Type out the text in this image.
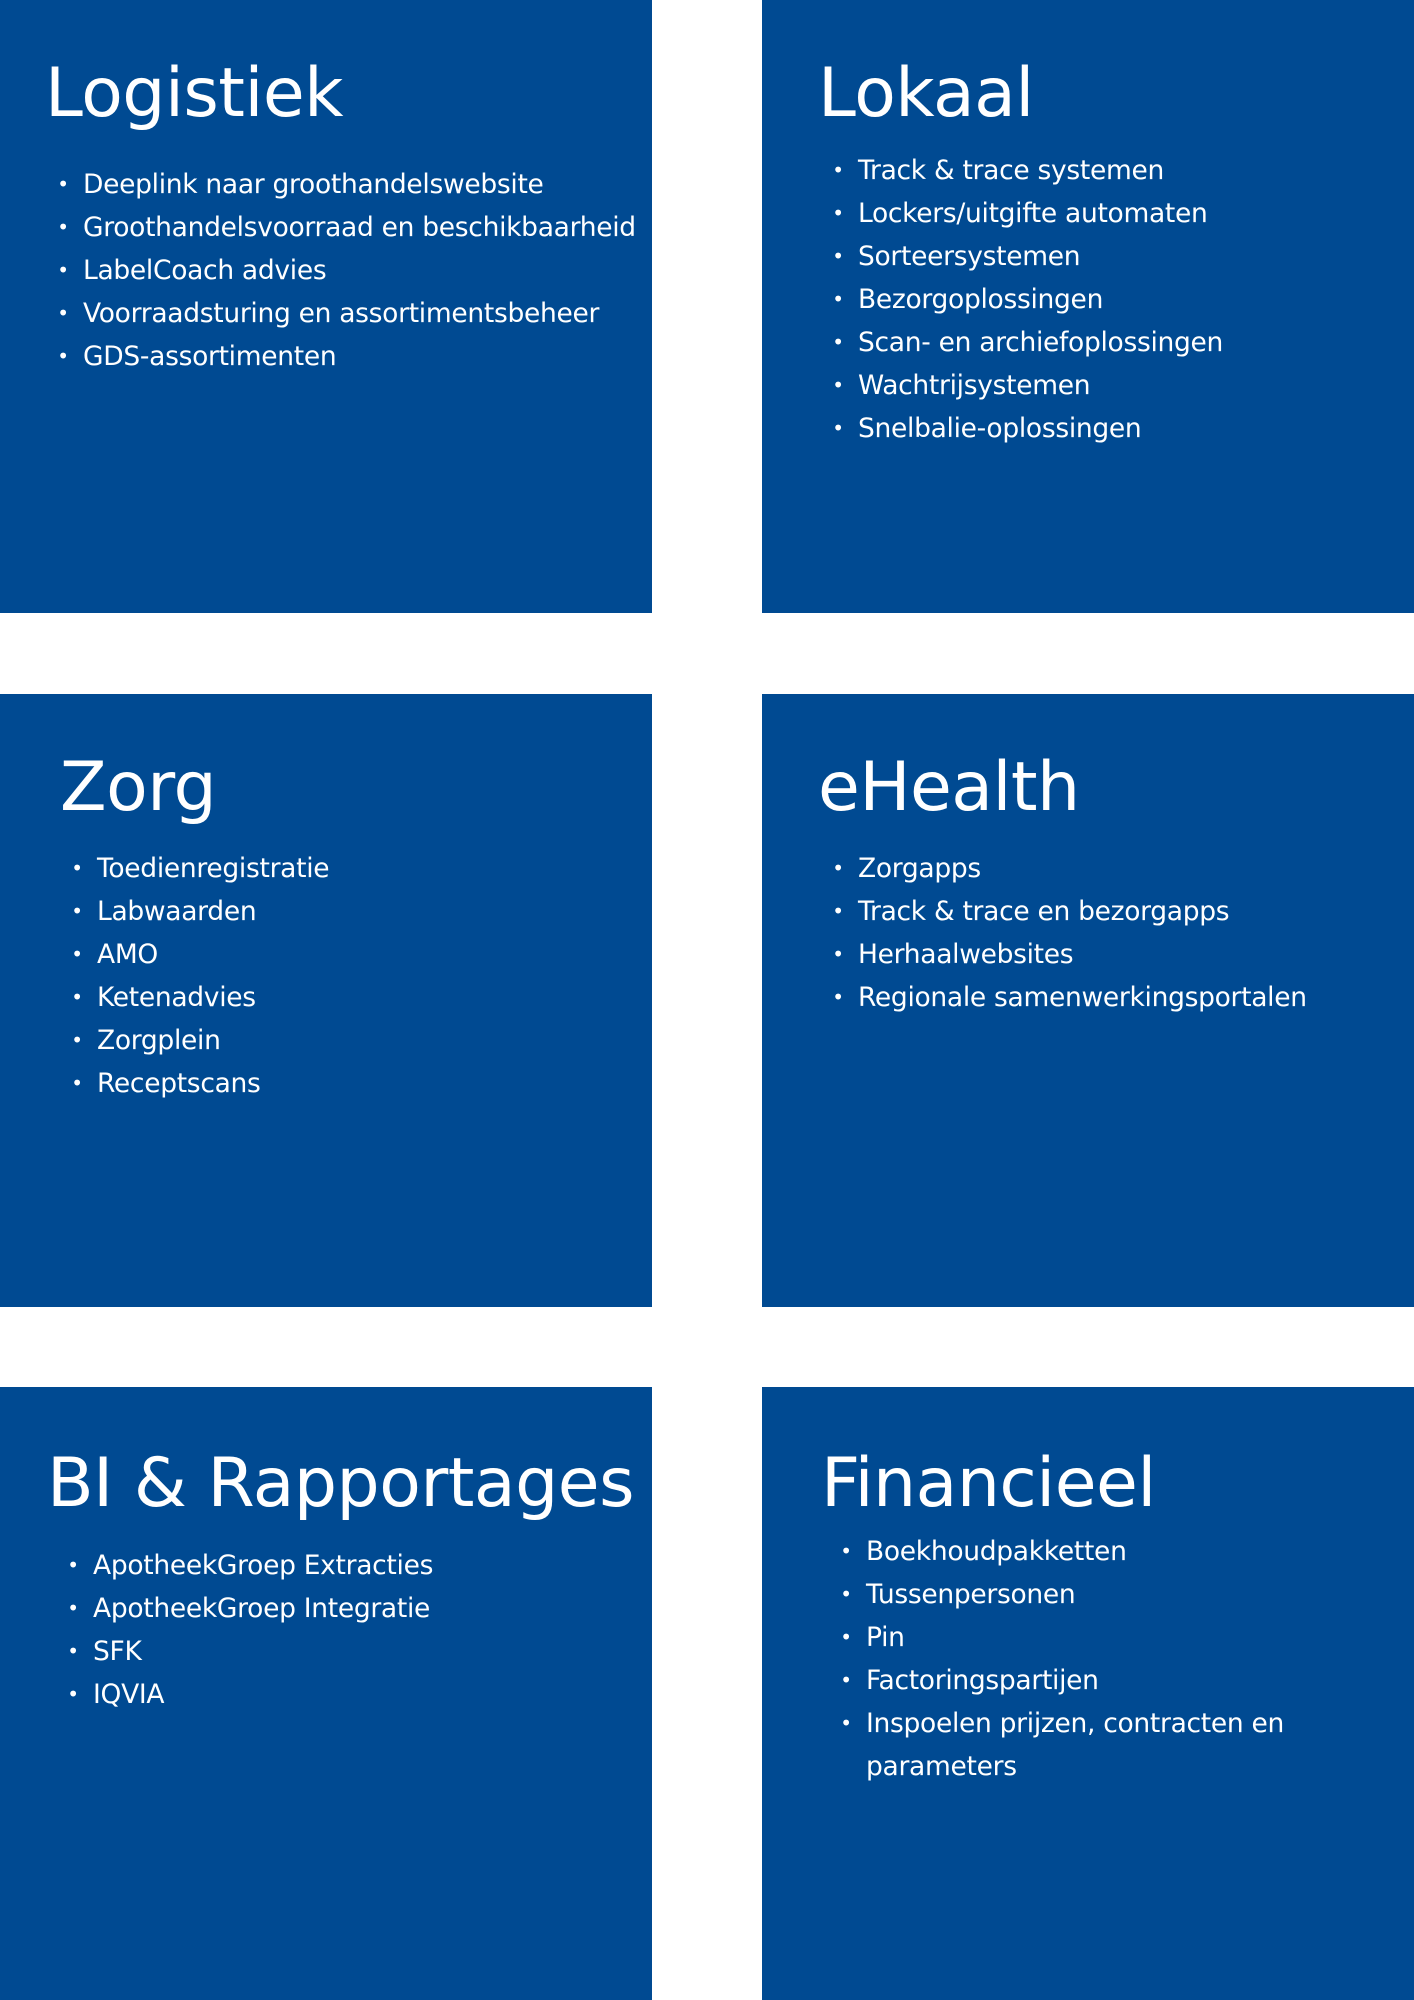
Logistiek
• Deeplink naar groothandelswebsite
• Groothandelsvoorraad en beschikbaarheid
• LabelCoach advies
• Voorraadsturing en assortimentsbeheer
• GDS-assortimenten
Lokaal
• Track & trace systemen
• Lockers/uitgifte automaten
• Sorteersystemen
• Bezorgoplossingen
• Scan- en archiefoplossingen
• Wachtrijsystemen
• Snelbalie-oplossingen
Zorg
• Toedienregistratie
• Labwaarden
• AMO
• Ketenadvies
• Zorgplein
• Receptscans
eHealth
• Zorgapps
• Track & trace en bezorgapps
• Herhaalwebsites
• Regionale samenwerkingsportalen
BI & Rapportages
• ApotheekGroep Extracties
• ApotheekGroep Integratie
• SFK
• IQVIA
Financieel
• Boekhoudpakketten
• Tussenpersonen
• Pin
• Factoringspartijen
• Inspoelen prijzen, contracten en parameters
